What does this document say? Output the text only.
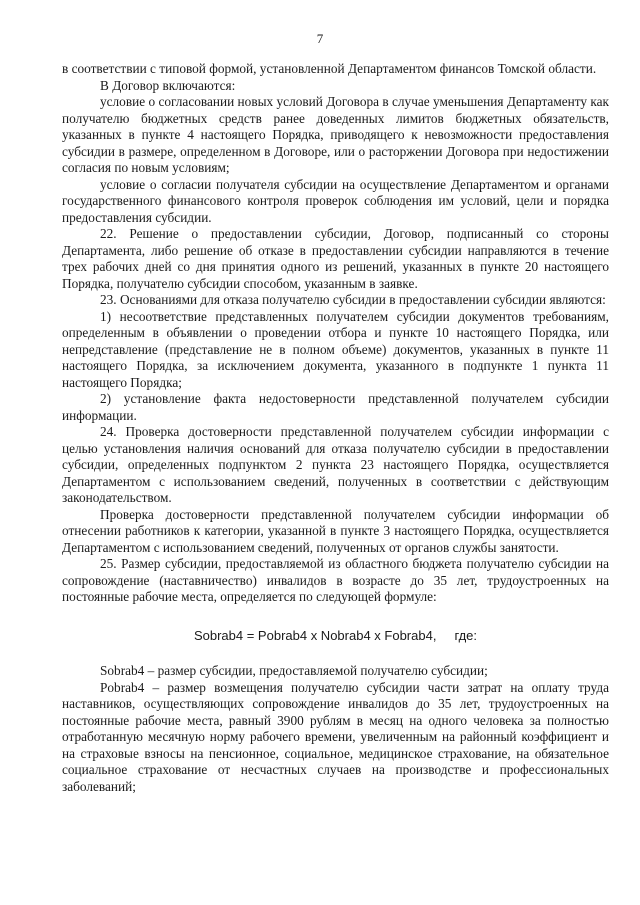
7

в соответствии с типовой формой, установленной Департаментом финансов Томской области.

В Договор включаются:

условие о согласовании новых условий Договора в случае уменьшения Департаменту как получателю бюджетных средств ранее доведенных лимитов бюджетных обязательств, указанных в пункте 4 настоящего Порядка, приводящего к невозможности предоставления субсидии в размере, определенном в Договоре, или о расторжении Договора при недостижении согласия по новым условиям;

условие о согласии получателя субсидии на осуществление Департаментом и органами государственного финансового контроля проверок соблюдения им условий, цели и порядка предоставления субсидии.

22. Решение о предоставлении субсидии, Договор, подписанный со стороны Департамента, либо решение об отказе в предоставлении субсидии направляются в течение трех рабочих дней со дня принятия одного из решений, указанных в пункте 20 настоящего Порядка, получателю субсидии способом, указанным в заявке.

23. Основаниями для отказа получателю субсидии в предоставлении субсидии являются:

1) несоответствие представленных получателем субсидии документов требованиям, определенным в объявлении о проведении отбора и пункте 10 настоящего Порядка, или непредставление (представление не в полном объеме) документов, указанных в пункте 11 настоящего Порядка, за исключением документа, указанного в подпункте 1 пункта 11 настоящего Порядка;

2) установление факта недостоверности представленной получателем субсидии информации.

24. Проверка достоверности представленной получателем субсидии информации с целью установления наличия оснований для отказа получателю субсидии в предоставлении субсидии, определенных подпунктом 2 пункта 23 настоящего Порядка, осуществляется Департаментом с использованием сведений, полученных в соответствии с действующим законодательством.

Проверка достоверности представленной получателем субсидии информации об отнесении работников к категории, указанной в пункте 3 настоящего Порядка, осуществляется Департаментом с использованием сведений, полученных от органов службы занятости.

25. Размер субсидии, предоставляемой из областного бюджета получателю субсидии на сопровождение (наставничество) инвалидов в возрасте до 35 лет, трудоустроенных на постоянные рабочие места, определяется по следующей формуле:

Sobrab4 = Pobrab4 x Nobrab4 x Fobrab4, где:

Sobrab4 – размер субсидии, предоставляемой получателю субсидии;

Pobrab4 – размер возмещения получателю субсидии части затрат на оплату труда наставников, осуществляющих сопровождение инвалидов до 35 лет, трудоустроенных на постоянные рабочие места, равный 3900 рублям в месяц на одного человека за полностью отработанную месячную норму рабочего времени, увеличенным на районный коэффициент и на страховые взносы на пенсионное, социальное, медицинское страхование, на обязательное социальное страхование от несчастных случаев на производстве и профессиональных заболеваний;
